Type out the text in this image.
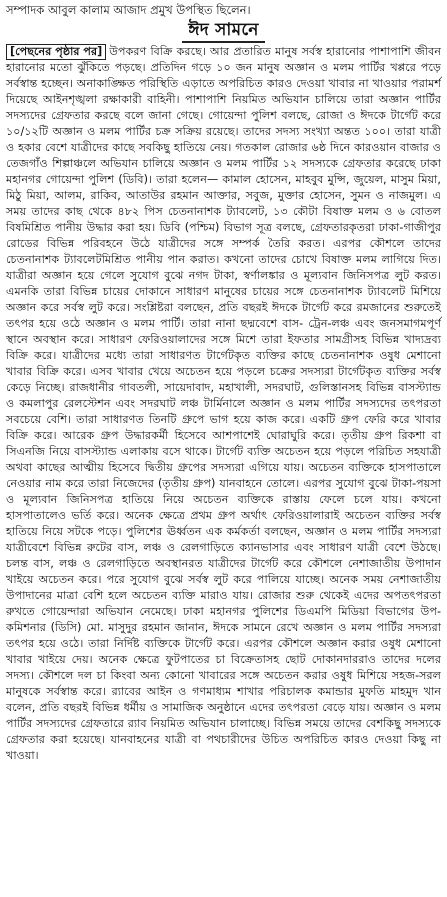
সম্পাদক আবুল কালাম আজাদ প্রমুখ উপস্থিত ছিলেন।
ঈদ সামনে

[পেছনের পৃষ্ঠার পর] উপকরণ বিক্রি করছে। আর প্রতারিত মানুষ সর্বস্ব হারানোর পাশাপাশি জীবন হারানোর মতো ঝুঁকিতে পড়ছে। প্রতিদিন গড়ে ১০ জন মানুষ অজ্ঞান ও মলম পার্টির খপ্পরে পড়ে সর্বস্বান্ত হচ্ছেন। অনাকাঙ্ক্ষিত পরিস্থিতি এড়াতে অপরিচিত কারও দেওয়া খাবার না খাওয়ার পরামর্শ দিয়েছে আইনশৃঙ্খলা রক্ষাকারী বাহিনী। পাশাপাশি নিয়মিত অভিযান চালিয়ে তারা অজ্ঞান পার্টির সদস্যদের গ্রেফতার করছে বলে জানা গেছে। গোয়েন্দা পুলিশ বলছে, রোজা ও ঈদকে টার্গেট করে ১০/১২টি অজ্ঞান ও মলম পার্টির চক্র সক্রিয় রয়েছে। তাদের সদস্য সংখ্যা অন্তত ১০০। তারা যাত্রী ও হকার বেশে যাত্রীদের কাছে সবকিছু হাতিয়ে নেয়। গতকাল রোজার ৬ষ্ঠ দিনে কারওয়ান বাজার ও তেজগাঁও শিল্পাঞ্চলে অভিযান চালিয়ে অজ্ঞান ও মলম পার্টির ১২ সদস্যকে গ্রেফতার করেছে ঢাকা মহানগর গোয়েন্দা পুলিশ (ডিবি)। তারা হলেন— কামাল হোসেন, মাহবুব মুন্সি, জুয়েল, মাসুম মিয়া, মিঠু মিয়া, আলম, রাকিব, আতাউর রহমান আক্তার, সবুজ, মুক্তার হোসেন, সুমন ও নাজমুল। এ সময় তাদের কাছ থেকে ৪৮২ পিস চেতনানাশক ট্যাবলেট, ১৩ কৌটা বিষাক্ত মলম ও ৬ বোতল বিষমিশ্রিত পানীয় উদ্ধার করা হয়। ডিবি (পশ্চিম) বিভাগ সূত্র বলছে, গ্রেফতারকৃতরা ঢাকা-গাজীপুর রোডের বিভিন্ন পরিবহনে উঠে যাত্রীদের সঙ্গে সম্পর্ক তৈরি করত। এরপর কৌশলে তাদের চেতনানাশক ট্যাবলেটমিশ্রিত পানীয় পান করাত। কখনো তাদের চোখে বিষাক্ত মলম লাগিয়ে দিত। যাত্রীরা অজ্ঞান হয়ে গেলে সুযোগ বুঝে নগদ টাকা, স্বর্ণালঙ্কার ও মূল্যবান জিনিসপত্র লুট করত। এমনকি তারা বিভিন্ন চায়ের দোকানে সাধারণ মানুষের চায়ের সঙ্গে চেতনানাশক ট্যাবলেট মিশিয়ে অজ্ঞান করে সর্বস্ব লুট করে। সংশ্লিষ্টরা বলছেন, প্রতি বছরই ঈদকে টার্গেট করে রমজানের শুরুতেই তৎপর হয়ে ওঠে অজ্ঞান ও মলম পার্টি। তারা নানা ছদ্মবেশে বাস- ট্রেন-লঞ্চ এবং জনসমাগমপূর্ণ স্থানে অবস্থান করে। সাধারণ ফেরিওয়ালাদের সঙ্গে মিশে তারা ইফতার সামগ্রীসহ বিভিন্ন খাদ্যদ্রব্য বিক্রি করে। যাত্রীদের মধ্যে তারা সাধারণত টার্গেটকৃত ব্যক্তির কাছে চেতনানাশক ওষুধ মেশানো খাবার বিক্রি করে। এসব খাবার খেয়ে অচেতন হয়ে পড়লে চক্রের সদস্যরা টার্গেটকৃত ব্যক্তির সর্বস্ব কেড়ে নিচ্ছে। রাজধানীর গাবতলী, সায়েদাবাদ, মহাখালী, সদরঘাট, গুলিস্তানসহ বিভিন্ন বাসস্ট্যান্ড ও কমলাপুর রেলস্টেশন এবং সদরঘাট লঞ্চ টার্মিনালে অজ্ঞান ও মলম পার্টির সদস্যদের তৎপরতা সবচেয়ে বেশি। তারা সাধারণত তিনটি গ্রুপে ভাগ হয়ে কাজ করে। একটি গ্রুপ ফেরি করে খাবার বিক্রি করে। আরেক গ্রুপ উদ্ধারকর্মী হিসেবে আশপাশেই ঘোরাঘুরি করে। তৃতীয় গ্রুপ রিকশা বা সিএনজি নিয়ে বাসস্ট্যান্ড এলাকায় বসে থাকে। টার্গেট ব্যক্তি অচেতন হয়ে পড়লে পরিচিত সহযাত্রী অথবা কাছের আত্মীয় হিসেবে দ্বিতীয় গ্রুপের সদস্যরা এগিয়ে যায়। অচেতন ব্যক্তিকে হাসপাতালে নেওয়ার নাম করে তারা নিজেদের (তৃতীয় গ্রুপ) যানবাহনে তোলে। এরপর সুযোগ বুঝে টাকা-পয়সা ও মূল্যবান জিনিসপত্র হাতিয়ে নিয়ে অচেতন ব্যক্তিকে রাস্তায় ফেলে চলে যায়। কখনো হাসপাতালেও ভর্তি করে। অনেক ক্ষেত্রে প্রথম গ্রুপ অর্থাৎ ফেরিওয়ালারাই অচেতন ব্যক্তির সর্বস্ব হাতিয়ে নিয়ে সটকে পড়ে। পুলিশের ঊর্ধ্বতন এক কর্মকর্তা বলছেন, অজ্ঞান ও মলম পার্টির সদস্যরা যাত্রীবেশে বিভিন্ন রুটের বাস, লঞ্চ ও রেলগাড়িতে ক্যানভাসার এবং সাধারণ যাত্রী বেশে উঠছে। চলন্ত বাস, লঞ্চ ও রেলগাড়িতে অবস্থানরত যাত্রীদের টার্গেট করে কৌশলে নেশাজাতীয় উপাদান খাইয়ে অচেতন করে। পরে সুযোগ বুঝে সর্বস্ব লুট করে পালিয়ে যাচ্ছে। অনেক সময় নেশাজাতীয় উপাদানের মাত্রা বেশি হলে অচেতন ব্যক্তি মারাও যায়। রোজার শুরু থেকেই এদের অপতৎপরতা রুখতে গোয়েন্দারা অভিযান নেমেছে। ঢাকা মহানগর পুলিশের ডিএমপি মিডিয়া বিভাগের উপ-কমিশনার (ডিসি) মো. মাসুদুর রহমান জানান, ঈদকে সামনে রেখে অজ্ঞান ও মলম পার্টির সদস্যরা তৎপর হয়ে ওঠে। তারা নির্দিষ্ট ব্যক্তিকে টার্গেট করে। এরপর কৌশলে অজ্ঞান করার ওষুধ মেশানো খাবার খাইয়ে দেয়। অনেক ক্ষেত্রে ফুটপাতের চা বিক্রেতাসহ ছোট দোকানদাররাও তাদের দলের সদস্য। কৌশলে দল চা কিংবা অন্য কোনো খাবারের সঙ্গে অচেতন করার ওষুধ মিশিয়ে সহজ-সরল মানুষকে সর্বস্বান্ত করে। র‌্যাবের আইন ও গণমাধ্যম শাখার পরিচালক কমান্ডার মুফতি মাহমুদ খান বলেন, প্রতি বছরই বিভিন্ন ধর্মীয় ও সামাজিক অনুষ্ঠানে এদের তৎপরতা বেড়ে যায়। অজ্ঞান ও মলম পার্টির সদস্যদের গ্রেফতারে র‌্যাব নিয়মিত অভিযান চালাচ্ছে। বিভিন্ন সময়ে তাদের বেশকিছু সদস্যকে গ্রেফতার করা হয়েছে। যানবাহনের যাত্রী বা পথচারীদের উচিত অপরিচিত কারও দেওয়া কিছু না খাওয়া।
